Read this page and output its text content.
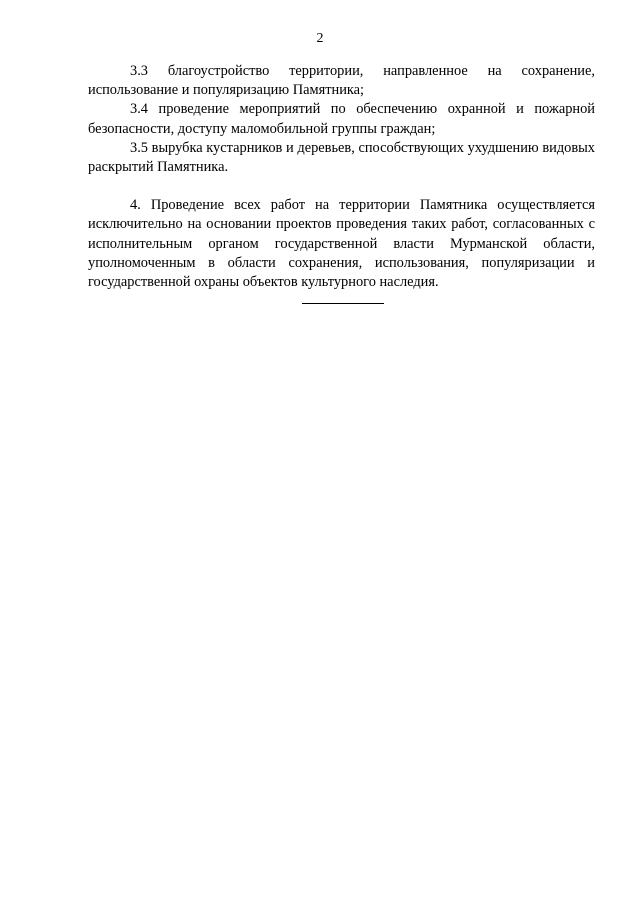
2

3.3 благоустройство территории, направленное на сохранение, использование и популяризацию Памятника;

3.4 проведение мероприятий по обеспечению охранной и пожарной безопасности, доступу маломобильной группы граждан;

3.5 вырубка кустарников и деревьев, способствующих ухудшению видовых раскрытий Памятника.

4. Проведение всех работ на территории Памятника осуществляется исключительно на основании проектов проведения таких работ, согласованных с исполнительным органом государственной власти Мурманской области, уполномоченным в области сохранения, использования, популяризации и государственной охраны объектов культурного наследия.
